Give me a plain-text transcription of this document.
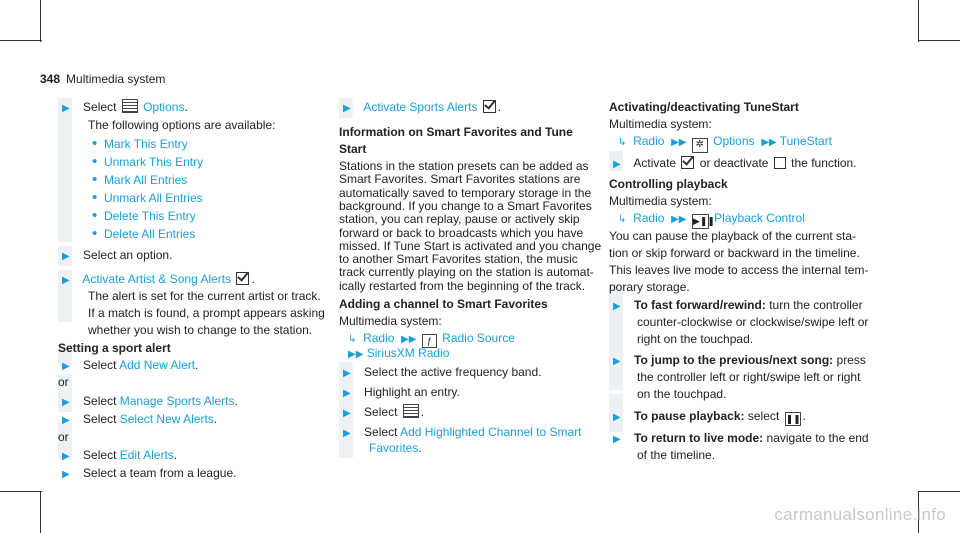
348 Multimedia system
▶ Select Options.
The following options are available:
• Mark This Entry
• Unmark This Entry
• Mark All Entries
• Unmark All Entries
• Delete This Entry
• Delete All Entries
▶ Select an option.
▶ Activate Artist & Song Alerts .
The alert is set for the current artist or track.
If a match is found, a prompt appears asking
whether you wish to change to the station.
Setting a sport alert
▶ Select Add New Alert.
or
▶ Select Manage Sports Alerts.
▶ Select Select New Alerts.
or
▶ Select Edit Alerts.
▶ Select a team from a league.
▶ Activate Sports Alerts .
Information on Smart Favorites and Tune
Start
Stations in the station presets can be added as
Smart Favorites. Smart Favorites stations are
automatically saved to temporary storage in the
background. If you change to a Smart Favorites
station, you can replay, pause or actively skip
forward or back to broadcasts which you have
missed. If Tune Start is activated and you change
to another Smart Favorites station, the music
track currently playing on the station is automat-
ically restarted from the beginning of the track.
Adding a channel to Smart Favorites
Activating/deactivating TuneStart
Multimedia system:
↳ Radio ▶▶ ✲ Options ▶▶ TuneStart
▶ Activate or deactivate the function.
Controlling playback
Multimedia system:
↳ Radio ▶▶ ▶❚❚ Playback Control
You can pause the playback of the current sta-
tion or skip forward or backward in the timeline.
This leaves live mode to access the internal tem-
porary storage.
▶ To fast forward/rewind: turn the controller
counter-clockwise or clockwise/swipe left or
right on the touchpad.
▶ To jump to the previous/next song: press
the controller left or right/swipe left or right
on the touchpad.
▶ To pause playback: select ❚❚ .
▶ To return to live mode: navigate to the end
of the timeline.
Multimedia system:
↳ Radio ▶▶ ƒ Radio Source
▶▶ SiriusXM Radio
▶ Select the active frequency band.
▶ Highlight an entry.
▶ Select .
▶ Select Add Highlighted Channel to Smart
Favorites.
carmanualsonline.info
